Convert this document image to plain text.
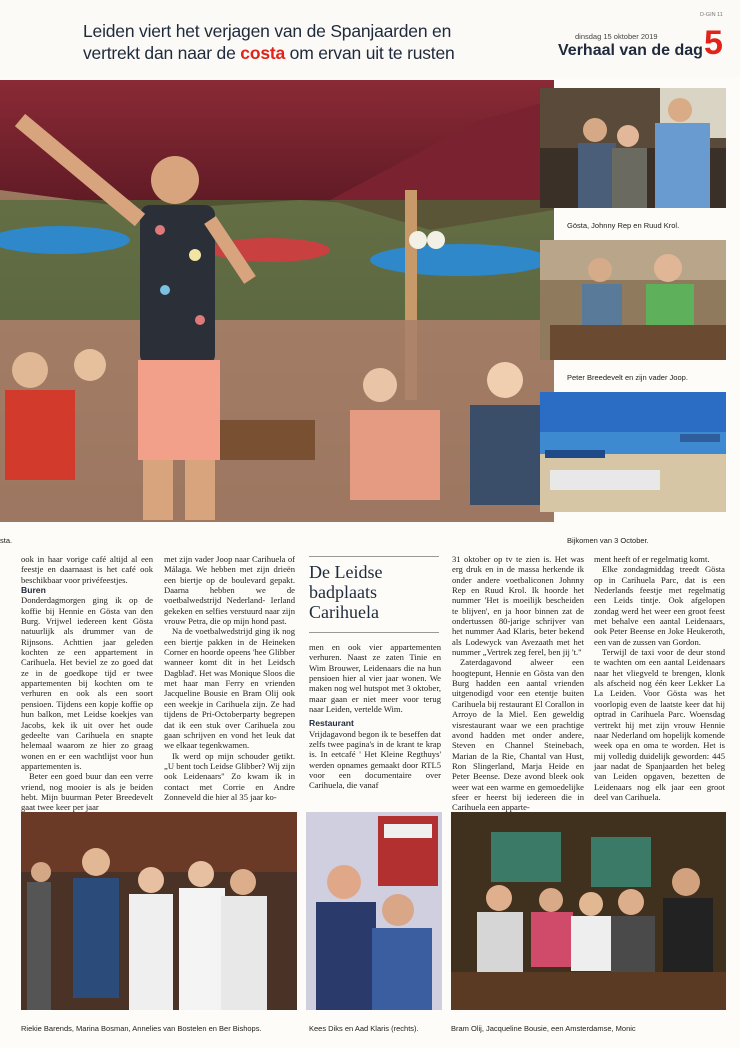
Leiden viert het verjagen van de Spanjaarden en vertrekt dan naar de costa om ervan uit te rusten
D-GIN 11
dinsdag 15 oktober 2019
Verhaal van de dag 5
Gösta, Johnny Rep en Ruud Krol.
Peter Breedevelt en zijn vader Joop.
Bijkomen van 3 October.
sta.
ook in haar vorige café altijd al een feestje en daarnaast is het café ook beschikbaar voor privéfeestjes.
Buren
Donderdagmorgen ging ik op de koffie bij Hennie en Gösta van den Burg. Vrijwel iedereen kent Gösta natuurlijk als drummer van de Rijnsons. Achttien jaar geleden kochten ze een appartement in Carihuela. Het beviel ze zo goed dat ze in de goedkope tijd er twee appartementen bij kochten om te verhuren en ook als een soort pensioen. Tijdens een kopje koffie op hun balkon, met Leidse koekjes van Jacobs, kek ik uit over het oude gedeelte van Carihuela en snapte helemaal waarom ze hier zo graag wonen en er een wachtlijst voor hun appartementen is.
Beter een goed buur dan een verre vriend, nog mooier is als je beiden hebt. Mijn buurman Peter Breedevelt gaat twee keer per jaar
met zijn vader Joop naar Carihuela of Málaga. We hebben met zijn drieën een biertje op de boulevard gepakt. Daarna hebben we de voetbalwedstrijd Nederland- Ierland gekeken en selfies verstuurd naar zijn vrouw Petra, die op mijn hond past.
Na de voetbalwedstrijd ging ik nog een biertje pakken in de Heineken Corner en hoorde opeens 'hee Glibber wanneer komt dit in het Leidsch Dagblad'. Het was Monique Sloos die met haar man Ferry en vrienden Jacqueline Bousie en Bram Olij ook een weekje in Carihuela zijn. Ze had tijdens de Pri-Octoberparty begrepen dat ik een stuk over Carihuela zou gaan schrijven en vond het leuk dat we elkaar tegenkwamen.
Ik werd op mijn schouder getikt. „U bent toch Leidse Glibber? Wij zijn ook Leidenaars" Zo kwam ik in contact met Corrie en Andre Zonneveld die hier al 35 jaar ko-
De Leidse badplaats Carihuela
men en ook vier appartementen verhuren. Naast ze zaten Tinie en Wim Brouwer, Leidenaars die na hun pensioen hier al vier jaar wonen. We maken nog wel hutspot met 3 oktober, maar gaan er niet meer voor terug naar Leiden, vertelde Wim.
Restaurant
Vrijdagavond begon ik te beseffen dat zelfs twee pagina's in de krant te krap is. In eetcafé ' Het Kleine Regthuys' werden opnames gemaakt door RTL5 voor een documentaire over Carihuela, die vanaf
31 oktober op tv te zien is. Het was erg druk en in de massa herkende ik onder andere voetbaliconen Johnny Rep en Ruud Krol. Ik hoorde het nummer 'Het is moeilijk bescheiden te blijven', en ja hoor binnen zat de ondertussen 80-jarige schrijver van het nummer Aad Klaris, beter bekend als Lodewyck van Avezaath met het nummer „Vertrek zeg ferel, ben jij 't."
Zaterdagavond alweer een hoogtepunt, Hennie en Gösta van den Burg hadden een aantal vrienden uitgenodigd voor een etentje buiten Carihuela bij restaurant El Corallon in Arroyo de la Miel. Een geweldig visrestaurant waar we een prachtige avond hadden met onder andere, Steven en Channel Steinebach, Marian de la Rie, Chantal van Hust, Ron Slingerland, Marja Heide en Peter Beense. Deze avond bleek ook weer wat een warme en gemoedelijke sfeer er heerst bij iedereen die in Carihuela een apparte-
ment heeft of er regelmatig komt.
Elke zondagmiddag treedt Gösta op in Carihuela Parc, dat is een Nederlands feestje met regelmatig een Leids tintje. Ook afgelopen zondag werd het weer een groot feest met behalve een aantal Leidenaars, ook Peter Beense en Joke Heukeroth, een van de zussen van Gordon.
Terwijl de taxi voor de deur stond te wachten om een aantal Leidenaars naar het vliegveld te brengen, klonk als afscheid nog één keer Lekker La La Leiden. Voor Gösta was het voorlopig even de laatste keer dat hij optrad in Carihuela Parc. Woensdag vertrekt hij met zijn vrouw Hennie naar Nederland om hopelijk komende week opa en oma te worden. Het is mij volledig duidelijk geworden: 445 jaar nadat de Spanjaarden het beleg van Leiden opgaven, bezetten de Leidenaars nog elk jaar een groot deel van Carihuela.
Riekie Barends, Marina Bosman, Annelies van Bostelen en Ber Bishops.	Kees Diks en Aad Klaris (rechts).	Bram Olij, Jacqueline Bousie, een Amsterdamse, Monic
